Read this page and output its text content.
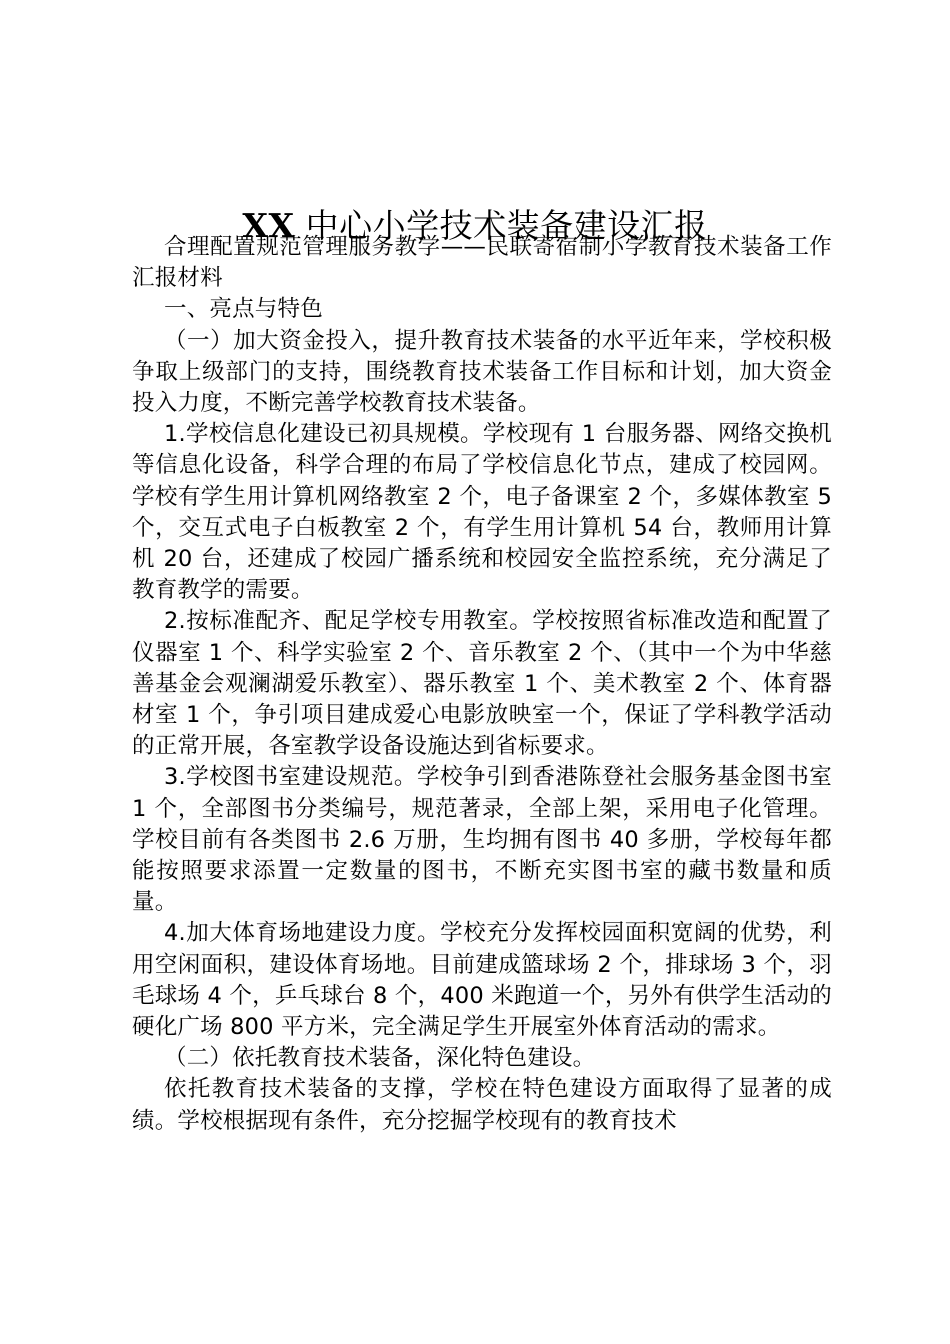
XX 中心小学技术装备建设汇报

合理配置规范管理服务教学——民联寄宿制小学教育技术装备工作汇报材料

一、亮点与特色

（一）加大资金投入，提升教育技术装备的水平近年来，学校积极争取上级部门的支持，围绕教育技术装备工作目标和计划，加大资金投入力度，不断完善学校教育技术装备。

1.学校信息化建设已初具规模。学校现有 1 台服务器、网络交换机等信息化设备，科学合理的布局了学校信息化节点，建成了校园网。学校有学生用计算机网络教室 2 个，电子备课室 2 个，多媒体教室 5 个，交互式电子白板教室 2 个，有学生用计算机 54 台，教师用计算机 20 台，还建成了校园广播系统和校园安全监控系统，充分满足了教育教学的需要。

2.按标准配齐、配足学校专用教室。学校按照省标准改造和配置了仪器室 1 个、科学实验室 2 个、音乐教室 2 个、（其中一个为中华慈善基金会观澜湖爱乐教室）、器乐教室 1 个、美术教室 2 个、体育器材室 1 个，争引项目建成爱心电影放映室一个，保证了学科教学活动的正常开展，各室教学设备设施达到省标要求。

3.学校图书室建设规范。学校争引到香港陈登社会服务基金图书室 1 个，全部图书分类编号，规范著录，全部上架，采用电子化管理。学校目前有各类图书 2.6 万册，生均拥有图书 40 多册，学校每年都能按照要求添置一定数量的图书，不断充实图书室的藏书数量和质量。

4.加大体育场地建设力度。学校充分发挥校园面积宽阔的优势，利用空闲面积，建设体育场地。目前建成篮球场 2 个，排球场 3 个，羽毛球场 4 个，乒乓球台 8 个，400 米跑道一个，另外有供学生活动的硬化广场 800 平方米，完全满足学生开展室外体育活动的需求。

（二）依托教育技术装备，深化特色建设。

依托教育技术装备的支撑，学校在特色建设方面取得了显著的成绩。学校根据现有条件，充分挖掘学校现有的教育技术
